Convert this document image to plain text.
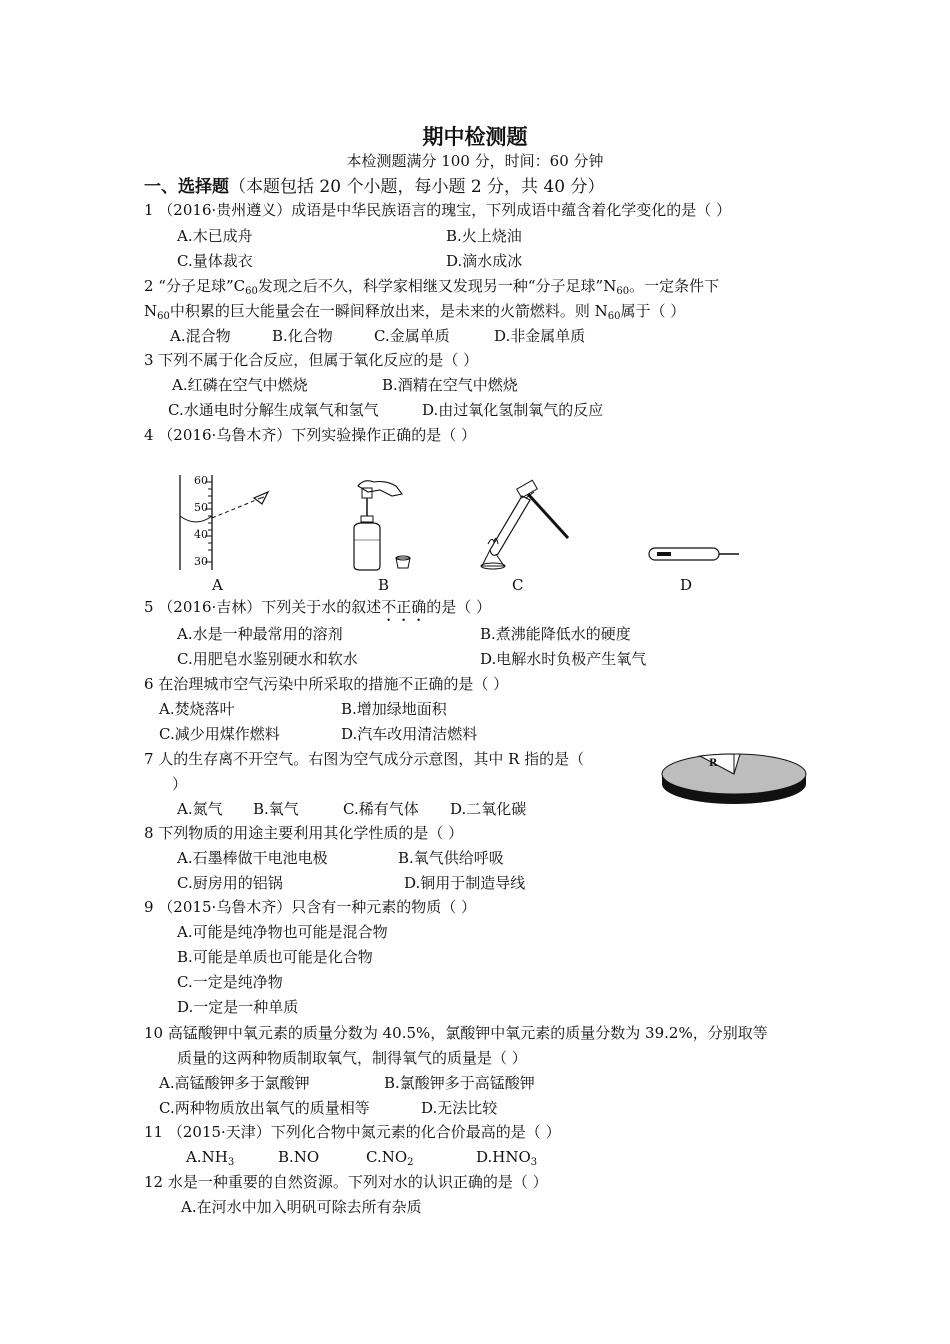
期中检测题
本检测题满分 100 分，时间：60 分钟
一、选择题（本题包括 20 个小题，每小题 2 分，共 40 分）
1 （2016·贵州遵义）成语是中华民族语言的瑰宝，下列成语中蕴含着化学变化的是（ ）
A.木已成舟	B.火上烧油
C.量体裁衣	D.滴水成冰
2 “分子足球$”C_{60}$发现之后不久，科学家相继又发现另一种“分子足球$”N_{60}$。一定条件下
$N_{60}$中积累的巨大能量会在一瞬间释放出来，是未来的火箭燃料。则 $N_{60}$属于（ ）
A.混合物	B.化合物	C.金属单质	D.非金属单质
3 下列不属于化合反应，但属于氧化反应的是（ ）
A.红磷在空气中燃烧	B.酒精在空气中燃烧
C.水通电时分解生成氧气和氢气	D.由过氧化氢制氧气的反应
4 （2016·乌鲁木齐）下列实验操作正确的是（ ）
60
50
40
30
A	B	C	D
5 （2016·吉林）下列关于水的叙述不正确的是（ ）
A.水是一种最常用的溶剂	B.煮沸能降低水的硬度
C.用肥皂水鉴别硬水和软水	D.电解水时负极产生氧气
6 在治理城市空气污染中所采取的措施不正确的是（ ）
A.焚烧落叶	B.增加绿地面积
C.减少用煤作燃料	D.汽车改用清洁燃料
7 人的生存离不开空气。右图为空气成分示意图，其中 R 指的是（
）
A.氮气 B.氧气	C.稀有气体 D.二氧化碳
R
8 下列物质的用途主要利用其化学性质的是（ ）
A.石墨棒做干电池电极	B.氧气供给呼吸
C.厨房用的铝锅	D.铜用于制造导线
9 （2015·乌鲁木齐）只含有一种元素的物质（ ）
A.可能是纯净物也可能是混合物
B.可能是单质也可能是化合物
C.一定是纯净物
D.一定是一种单质
10 高锰酸钾中氧元素的质量分数为 40.5%，氯酸钾中氧元素的质量分数为 39.2%，分别取等
质量的这两种物质制取氧气，制得氧气的质量是（ ）
A.高锰酸钾多于氯酸钾	B.氯酸钾多于高锰酸钾
C.两种物质放出氧气的质量相等	D.无法比较
11 （2015·天津）下列化合物中氮元素的化合价最高的是（ ）
$A.NH_3$	B.NO	$C.NO_2$	$D.HNO_3$
12 水是一种重要的自然资源。下列对水的认识正确的是（ ）
A.在河水中加入明矾可除去所有杂质
